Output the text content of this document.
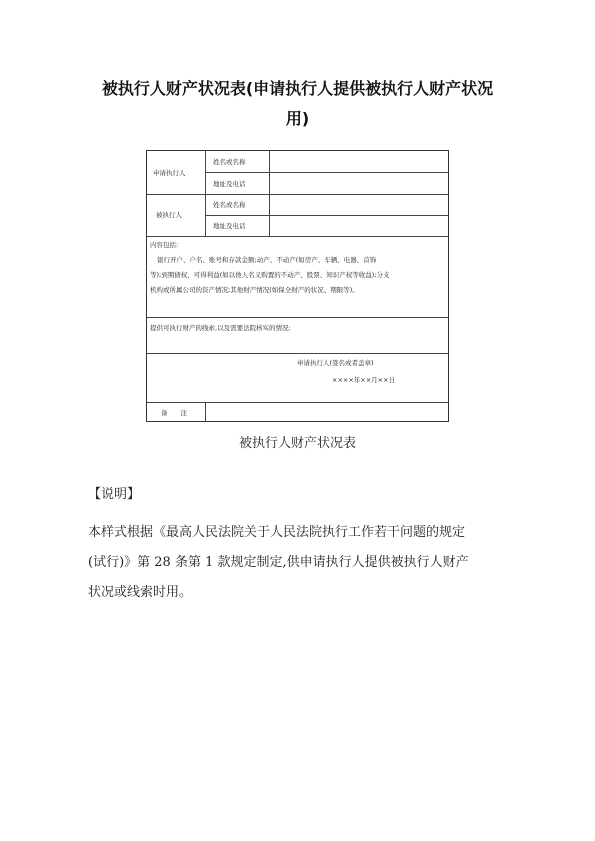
被执行人财产状况表(申请执行人提供被执行人财产状况
用)
申请执行人
姓名或名称
地址及电话
被执行人
姓名或名称
地址及电话
内容包括:
银行开户、户名、账号和存款金额;动产、不动产(如房产、车辆、电器、首饰
等);到期债权、可得利益(如以他人名义购置的不动产、股票、知识产权等收益);分支
机构或所属公司的资产情况;其他财产情况(如保全财产的状况、期限等)。
提供可执行财产的线索,以及需要法院核实的情况:
申请执行人(签名或者盖章)
××××年××月××日
备　　注
被执行人财产状况表
【说明】
本样式根据《最高人民法院关于人民法院执行工作若干问题的规定
(试行)》第 28 条第 1 款规定制定,供申请执行人提供被执行人财产
状况或线索时用。
